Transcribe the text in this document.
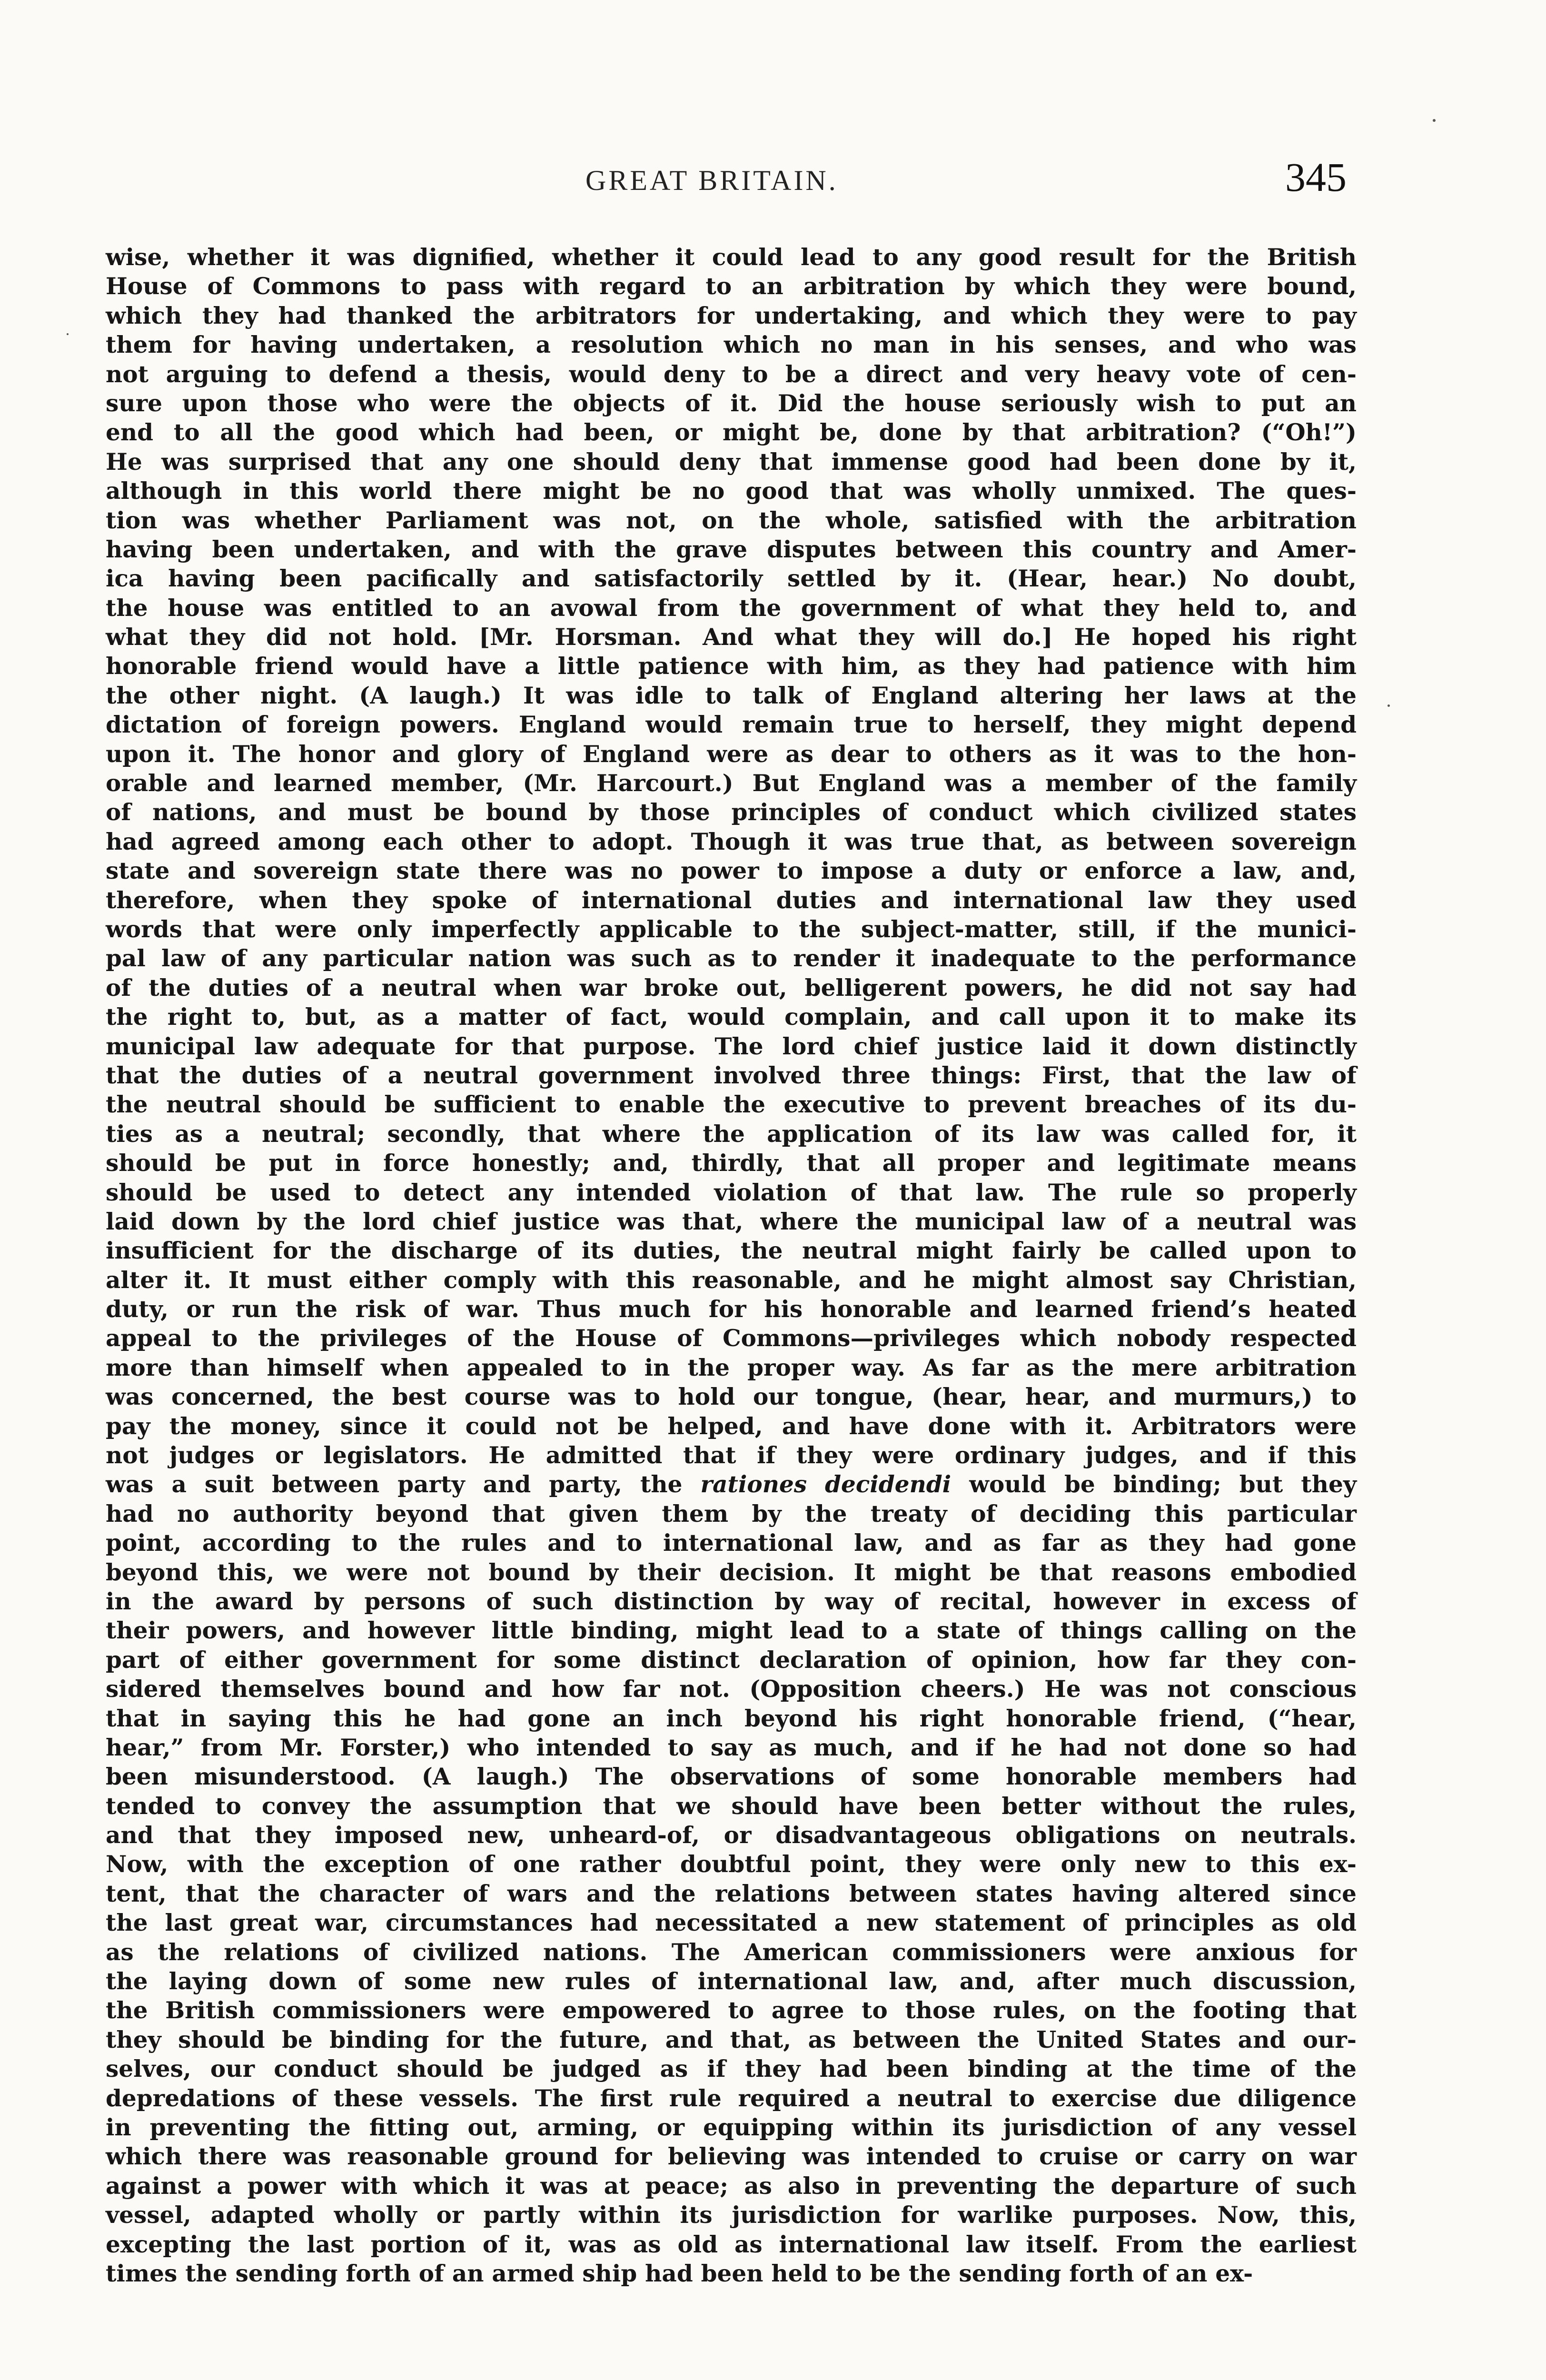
GREAT BRITAIN.	345
wise, whether it was dignified, whether it could lead to any good result for the British
House of Commons to pass with regard to an arbitration by which they were bound,
which they had thanked the arbitrators for undertaking, and which they were to pay
them for having undertaken, a resolution which no man in his senses, and who was
not arguing to defend a thesis, would deny to be a direct and very heavy vote of cen-
sure upon those who were the objects of it. Did the house seriously wish to put an
end to all the good which had been, or might be, done by that arbitration? (“Oh!”)
He was surprised that any one should deny that immense good had been done by it,
although in this world there might be no good that was wholly unmixed. The ques-
tion was whether Parliament was not, on the whole, satisfied with the arbitration
having been undertaken, and with the grave disputes between this country and Amer-
ica having been pacifically and satisfactorily settled by it. (Hear, hear.) No doubt,
the house was entitled to an avowal from the government of what they held to, and
what they did not hold. [Mr. Horsman. And what they will do.] He hoped his right
honorable friend would have a little patience with him, as they had patience with him
the other night. (A laugh.) It was idle to talk of England altering her laws at the
dictation of foreign powers. England would remain true to herself, they might depend
upon it. The honor and glory of England were as dear to others as it was to the hon-
orable and learned member, (Mr. Harcourt.) But England was a member of the family
of nations, and must be bound by those principles of conduct which civilized states
had agreed among each other to adopt. Though it was true that, as between sovereign
state and sovereign state there was no power to impose a duty or enforce a law, and,
therefore, when they spoke of international duties and international law they used
words that were only imperfectly applicable to the subject-matter, still, if the munici-
pal law of any particular nation was such as to render it inadequate to the performance
of the duties of a neutral when war broke out, belligerent powers, he did not say had
the right to, but, as a matter of fact, would complain, and call upon it to make its
municipal law adequate for that purpose. The lord chief justice laid it down distinctly
that the duties of a neutral government involved three things: First, that the law of
the neutral should be sufficient to enable the executive to prevent breaches of its du-
ties as a neutral; secondly, that where the application of its law was called for, it
should be put in force honestly; and, thirdly, that all proper and legitimate means
should be used to detect any intended violation of that law. The rule so properly
laid down by the lord chief justice was that, where the municipal law of a neutral was
insufficient for the discharge of its duties, the neutral might fairly be called upon to
alter it. It must either comply with this reasonable, and he might almost say Christian,
duty, or run the risk of war. Thus much for his honorable and learned friend’s heated
appeal to the privileges of the House of Commons—privileges which nobody respected
more than himself when appealed to in the proper way. As far as the mere arbitration
was concerned, the best course was to hold our tongue, (hear, hear, and murmurs,) to
pay the money, since it could not be helped, and have done with it. Arbitrators were
not judges or legislators. He admitted that if they were ordinary judges, and if this
was a suit between party and party, the rationes decidendi would be binding; but they
had no authority beyond that given them by the treaty of deciding this particular
point, according to the rules and to international law, and as far as they had gone
beyond this, we were not bound by their decision. It might be that reasons embodied
in the award by persons of such distinction by way of recital, however in excess of
their powers, and however little binding, might lead to a state of things calling on the
part of either government for some distinct declaration of opinion, how far they con-
sidered themselves bound and how far not. (Opposition cheers.) He was not conscious
that in saying this he had gone an inch beyond his right honorable friend, (“hear,
hear,” from Mr. Forster,) who intended to say as much, and if he had not done so had
been misunderstood. (A laugh.) The observations of some honorable members had
tended to convey the assumption that we should have been better without the rules,
and that they imposed new, unheard-of, or disadvantageous obligations on neutrals.
Now, with the exception of one rather doubtful point, they were only new to this ex-
tent, that the character of wars and the relations between states having altered since
the last great war, circumstances had necessitated a new statement of principles as old
as the relations of civilized nations. The American commissioners were anxious for
the laying down of some new rules of international law, and, after much discussion,
the British commissioners were empowered to agree to those rules, on the footing that
they should be binding for the future, and that, as between the United States and our-
selves, our conduct should be judged as if they had been binding at the time of the
depredations of these vessels. The first rule required a neutral to exercise due diligence
in preventing the fitting out, arming, or equipping within its jurisdiction of any vessel
which there was reasonable ground for believing was intended to cruise or carry on war
against a power with which it was at peace; as also in preventing the departure of such
vessel, adapted wholly or partly within its jurisdiction for warlike purposes. Now, this,
excepting the last portion of it, was as old as international law itself. From the earliest
times the sending forth of an armed ship had been held to be the sending forth of an ex-
